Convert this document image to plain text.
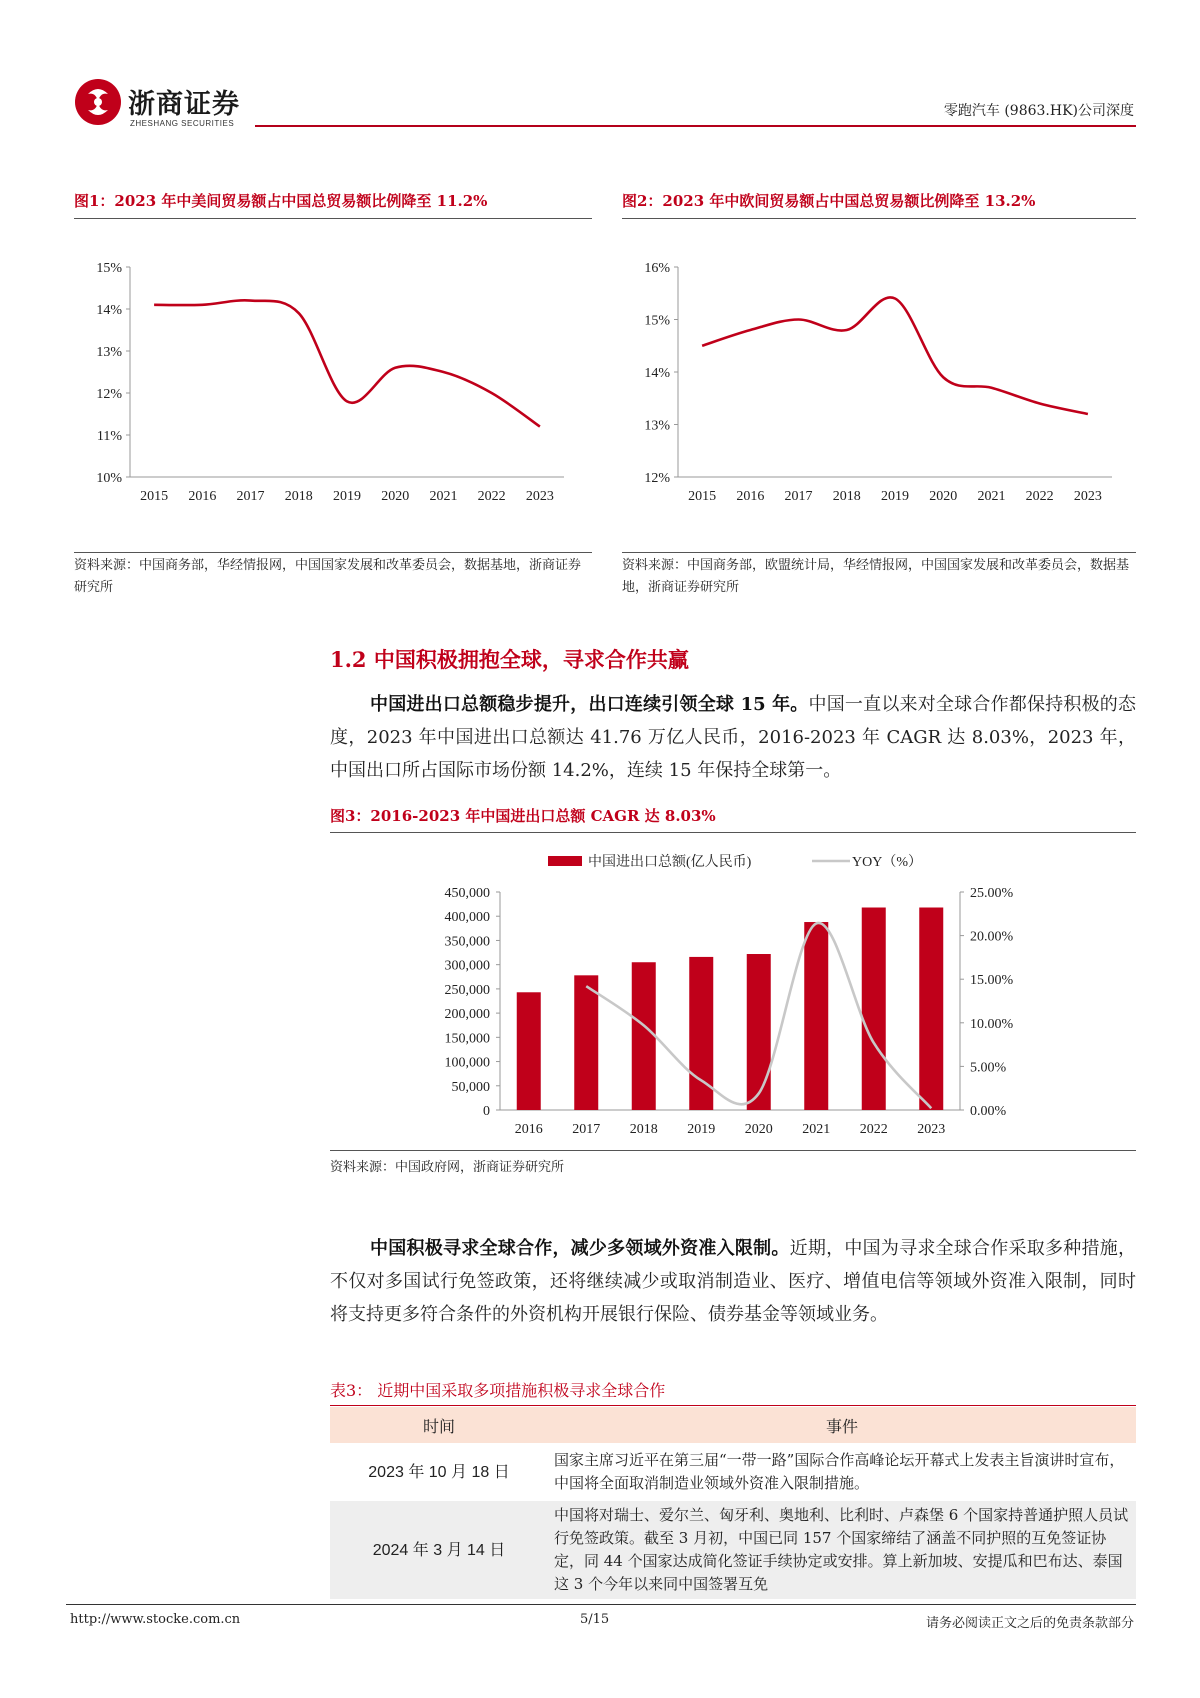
浙商证券
ZHESHANG SECURITIES
零跑汽车 (9863.HK)公司深度
图1：2023 年中美间贸易额占中国总贸易额比例降至 11.2%
10%
11%
12%
13%
14%
15%
2015 2016 2017 2018 2019 2020 2021 2022 2023
资料来源：中国商务部，华经情报网，中国国家发展和改革委员会，数据基地，浙商证券研究所
图2：2023 年中欧间贸易额占中国总贸易额比例降至 13.2%
12%
13%
14%
15%
16%
2015 2016 2017 2018 2019 2020 2021 2022 2023
资料来源：中国商务部，欧盟统计局，华经情报网，中国国家发展和改革委员会，数据基地，浙商证券研究所
1.2 中国积极拥抱全球，寻求合作共赢
中国进出口总额稳步提升，出口连续引领全球 15 年。中国一直以来对全球合作都保持积极的态度，2023 年中国进出口总额达 41.76 万亿人民币，2016-2023 年 CAGR 达 8.03%，2023 年，中国出口所占国际市场份额 14.2%，连续 15 年保持全球第一。
图3：2016-2023 年中国进出口总额 CAGR 达 8.03%
中国进出口总额(亿人民币)	YOY（%）
0
50,000
100,000
150,000
200,000
250,000
300,000
350,000
400,000
450,000
0.00%
5.00%
10.00%
15.00%
20.00%
25.00%
2016 2017 2018 2019 2020 2021 2022 2023
资料来源：中国政府网，浙商证券研究所
中国积极寻求全球合作，减少多领域外资准入限制。近期，中国为寻求全球合作采取多种措施，不仅对多国试行免签政策，还将继续减少或取消制造业、医疗、增值电信等领域外资准入限制，同时将支持更多符合条件的外资机构开展银行保险、债券基金等领域业务。
表3： 近期中国采取多项措施积极寻求全球合作
时间	事件
2023 年 10 月 18 日	国家主席习近平在第三届“一带一路”国际合作高峰论坛开幕式上发表主旨演讲时宣布，中国将全面取消制造业领域外资准入限制措施。
2024 年 3 月 14 日	中国将对瑞士、爱尔兰、匈牙利、奥地利、比利时、卢森堡 6 个国家持普通护照人员试行免签政策。截至 3 月初，中国已同 157 个国家缔结了涵盖不同护照的互免签证协定，同 44 个国家达成简化签证手续协定或安排。算上新加坡、安提瓜和巴布达、泰国这 3 个今年以来同中国签署互免
http://www.stocke.com.cn	5/15	请务必阅读正文之后的免责条款部分
